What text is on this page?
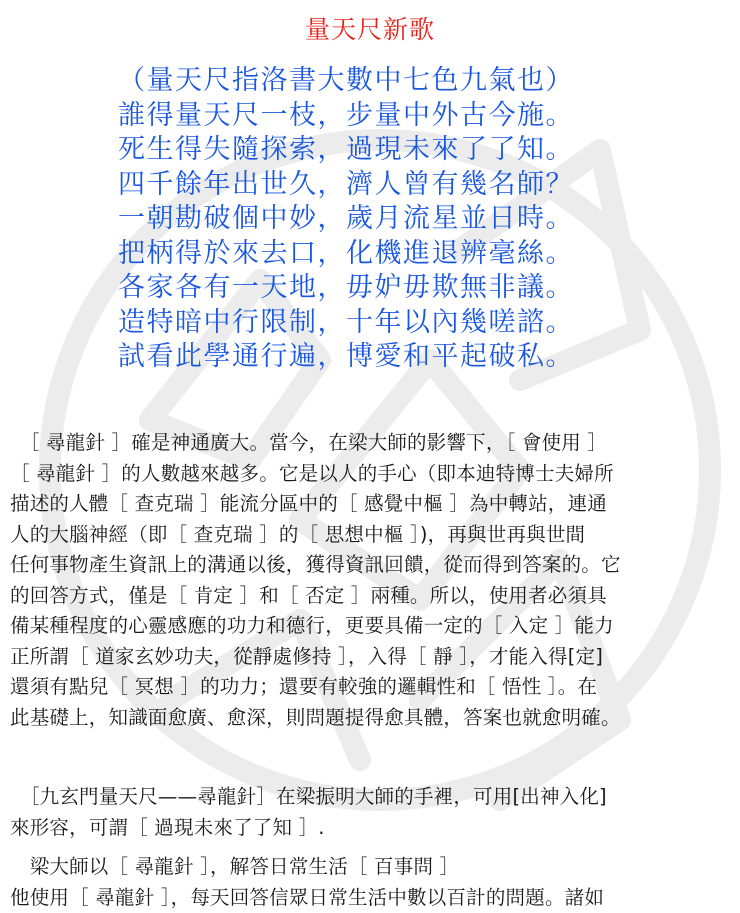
量天尺新歌
（量天尺指洛書大數中七色九氣也）
誰得量天尺一枝，步量中外古今施。
死生得失隨探索，過現未來了了知。
四千餘年出世久，濟人曾有幾名師？
一朝勘破個中妙，歲月流星並日時。
把柄得於來去口，化機進退辨毫絲。
各家各有一天地，毋妒毋欺無非議。
造特暗中行限制，十年以內幾嗟諮。
試看此學通行遍，博愛和平起破私。
　［ 尋龍針 ］確是神通廣大。當今，在梁大師的影響下，［ 會使用 ］
［ 尋龍針 ］的人數越來越多。它是以人的手心（即本迪特博士夫婦所
描述的人體［ 查克瑞 ］能流分區中的［ 感覺中樞 ］為中轉站，連通
人的大腦神經（即［ 查克瑞 ］的［ 思想中樞 ］)，再與世再與世間
任何事物產生資訊上的溝通以後，獲得資訊回饋，從而得到答案的。它
的回答方式，僅是［ 肯定 ］和［ 否定 ］兩種。所以，使用者必須具
備某種程度的心靈感應的功力和德行，更要具備一定的［ 入定 ］能力
正所謂［ 道家玄妙功夫，從靜處修持 ］，入得［ 靜 ］，才能入得[定]
還須有點兒［ 冥想 ］的功力；還要有較強的邏輯性和［ 悟性 ］。在
此基礎上，知識面愈廣、愈深，則問題提得愈具體，答案也就愈明確。
　［九玄門量天尺——尋龍針］在梁振明大師的手裡，可用[出神入化]
來形容，可謂［ 過現未來了了知 ］.
　梁大師以［ 尋龍針 ］，解答日常生活［ 百事問 ］
他使用［ 尋龍針 ］，每天回答信眾日常生活中數以百計的問題。諸如
